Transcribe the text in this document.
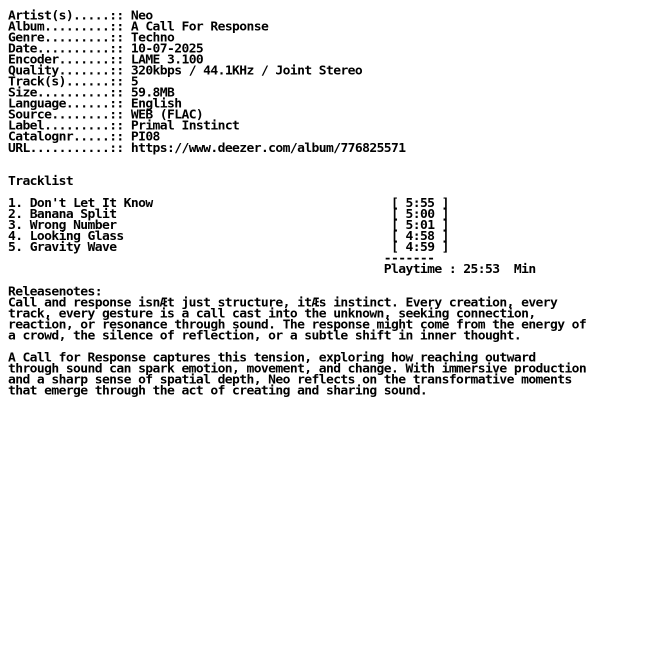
Artist(s).....:: Neo
Album.........:: A Call For Response
Genre.........:: Techno
Date..........:: 10-07-2025
Encoder.......:: LAME 3.100
Quality.......:: 320kbps / 44.1KHz / Joint Stereo
Track(s)......:: 5
Size..........:: 59.8MB
Language......:: English
Source........:: WEB (FLAC)
Label.........:: Primal Instinct
Catalognr.....:: PI08
URL...........:: https://www.deezer.com/album/776825571
Tracklist
1. Don't Let It Know	[ 5:55 ]
2. Banana Split	[ 5:00 ]
3. Wrong Number	[ 5:01 ]
4. Looking Glass	[ 4:58 ]
5. Gravity Wave	[ 4:59 ]
-------
Playtime : 25:53  Min
Releasenotes:
Call and response isnÆt just structure, itÆs instinct. Every creation, every
track, every gesture is a call cast into the unknown, seeking connection,
reaction, or resonance through sound. The response might come from the energy of
a crowd, the silence of reflection, or a subtle shift in inner thought.
A Call for Response captures this tension, exploring how reaching outward
through sound can spark emotion, movement, and change. With immersive production
and a sharp sense of spatial depth, Neo reflects on the transformative moments
that emerge through the act of creating and sharing sound.
